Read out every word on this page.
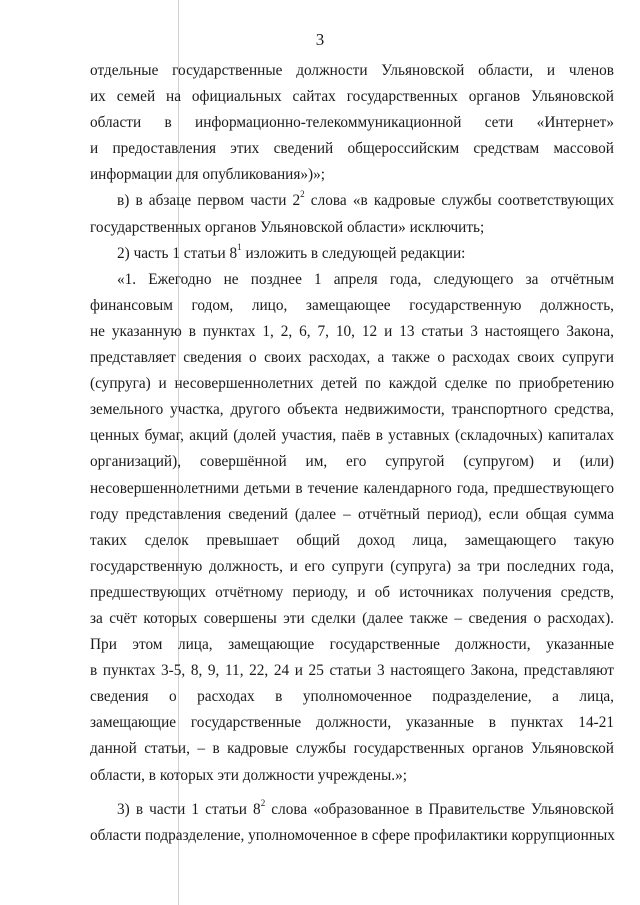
3
отдельные государственные должности Ульяновской области, и членов
их семей на официальных сайтах государственных органов Ульяновской
области в информационно-телекоммуникационной сети «Интернет»
и предоставления этих сведений общероссийским средствам массовой
информации для опубликования»)»;
в) в абзаце первом части $2^2$ слова «в кадровые службы соответствующих
государственных органов Ульяновской области» исключить;
2) часть 1 статьи $8^1$ изложить в следующей редакции:
«1. Ежегодно не позднее 1 апреля года, следующего за отчётным
финансовым годом, лицо, замещающее государственную должность,
не указанную в пунктах 1, 2, 6, 7, 10, 12 и 13 статьи 3 настоящего Закона,
представляет сведения о своих расходах, а также о расходах своих супруги
(супруга) и несовершеннолетних детей по каждой сделке по приобретению
земельного участка, другого объекта недвижимости, транспортного средства,
ценных бумаг, акций (долей участия, паёв в уставных (складочных) капиталах
организаций), совершённой им, его супругой (супругом) и (или)
несовершеннолетними детьми в течение календарного года, предшествующего
году представления сведений (далее – отчётный период), если общая сумма
таких сделок превышает общий доход лица, замещающего такую
государственную должность, и его супруги (супруга) за три последних года,
предшествующих отчётному периоду, и об источниках получения средств,
за счёт которых совершены эти сделки (далее также – сведения о расходах).
При этом лица, замещающие государственные должности, указанные
в пунктах 3-5, 8, 9, 11, 22, 24 и 25 статьи 3 настоящего Закона, представляют
сведения о расходах в уполномоченное подразделение, а лица,
замещающие государственные должности, указанные в пунктах 14-21
данной статьи, – в кадровые службы государственных органов Ульяновской
области, в которых эти должности учреждены.»;
3) в части 1 статьи $8^2$ слова «образованное в Правительстве Ульяновской
области подразделение, уполномоченное в сфере профилактики коррупционных
